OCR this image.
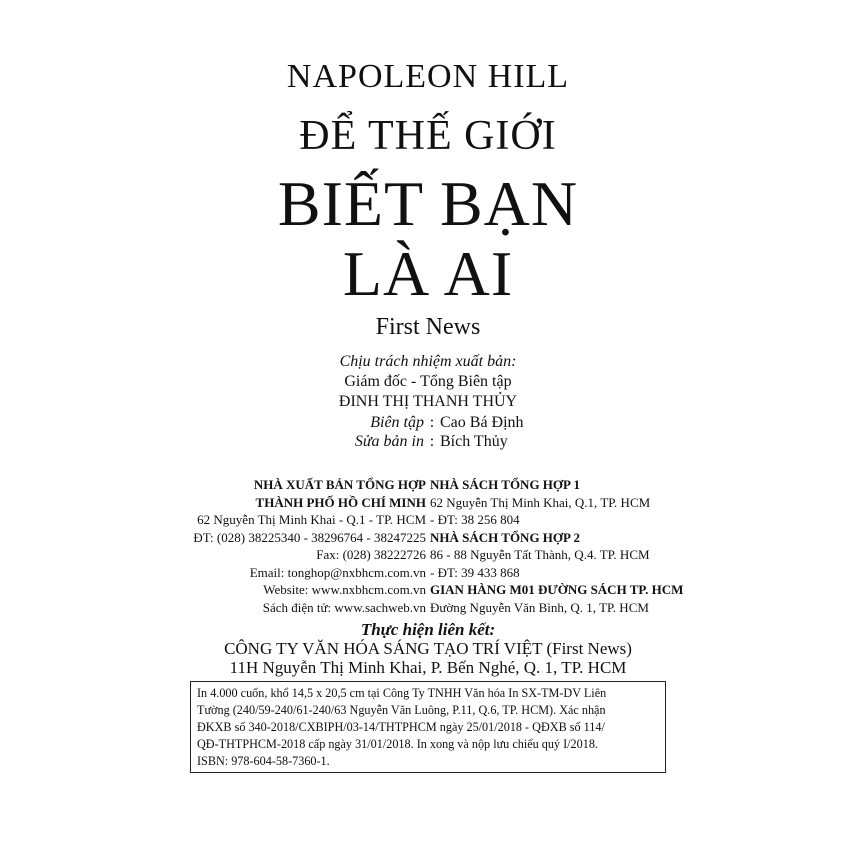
NAPOLEON HILL
ĐỂ THẾ GIỚI
BIẾT BẠN
LÀ AI
First News
Chịu trách nhiệm xuất bản:
Giám đốc - Tổng Biên tập
ĐINH THỊ THANH THỦY
Biên tập : Cao Bá Định
Sửa bản in : Bích Thủy
NHÀ XUẤT BẢN TỔNG HỢP
THÀNH PHỐ HỒ CHÍ MINH
62 Nguyễn Thị Minh Khai - Q.1 - TP. HCM
ĐT: (028) 38225340 - 38296764 - 38247225
Fax: (028) 38222726
Email: tonghop@nxbhcm.com.vn
Website: www.nxbhcm.com.vn
Sách điện tử: www.sachweb.vn
NHÀ SÁCH TỔNG HỢP 1
62 Nguyễn Thị Minh Khai, Q.1, TP. HCM
- ĐT: 38 256 804
NHÀ SÁCH TỔNG HỢP 2
86 - 88 Nguyễn Tất Thành, Q.4. TP. HCM
- ĐT: 39 433 868
GIAN HÀNG M01 ĐƯỜNG SÁCH TP. HCM
Đường Nguyễn Văn Bình, Q. 1, TP. HCM
Thực hiện liên kết:
CÔNG TY VĂN HÓA SÁNG TẠO TRÍ VIỆT (First News)
11H Nguyễn Thị Minh Khai, P. Bến Nghé, Q. 1, TP. HCM
In 4.000 cuốn, khổ 14,5 x 20,5 cm tại Công Ty TNHH Văn hóa In SX-TM-DV Liên
Tường (240/59-240/61-240/63 Nguyễn Văn Luông, P.11, Q.6, TP. HCM). Xác nhận
ĐKXB số 340-2018/CXBIPH/03-14/THTPHCM ngày 25/01/2018 - QĐXB số 114/
QĐ-THTPHCM-2018 cấp ngày 31/01/2018. In xong và nộp lưu chiểu quý I/2018.
ISBN: 978-604-58-7360-1.
